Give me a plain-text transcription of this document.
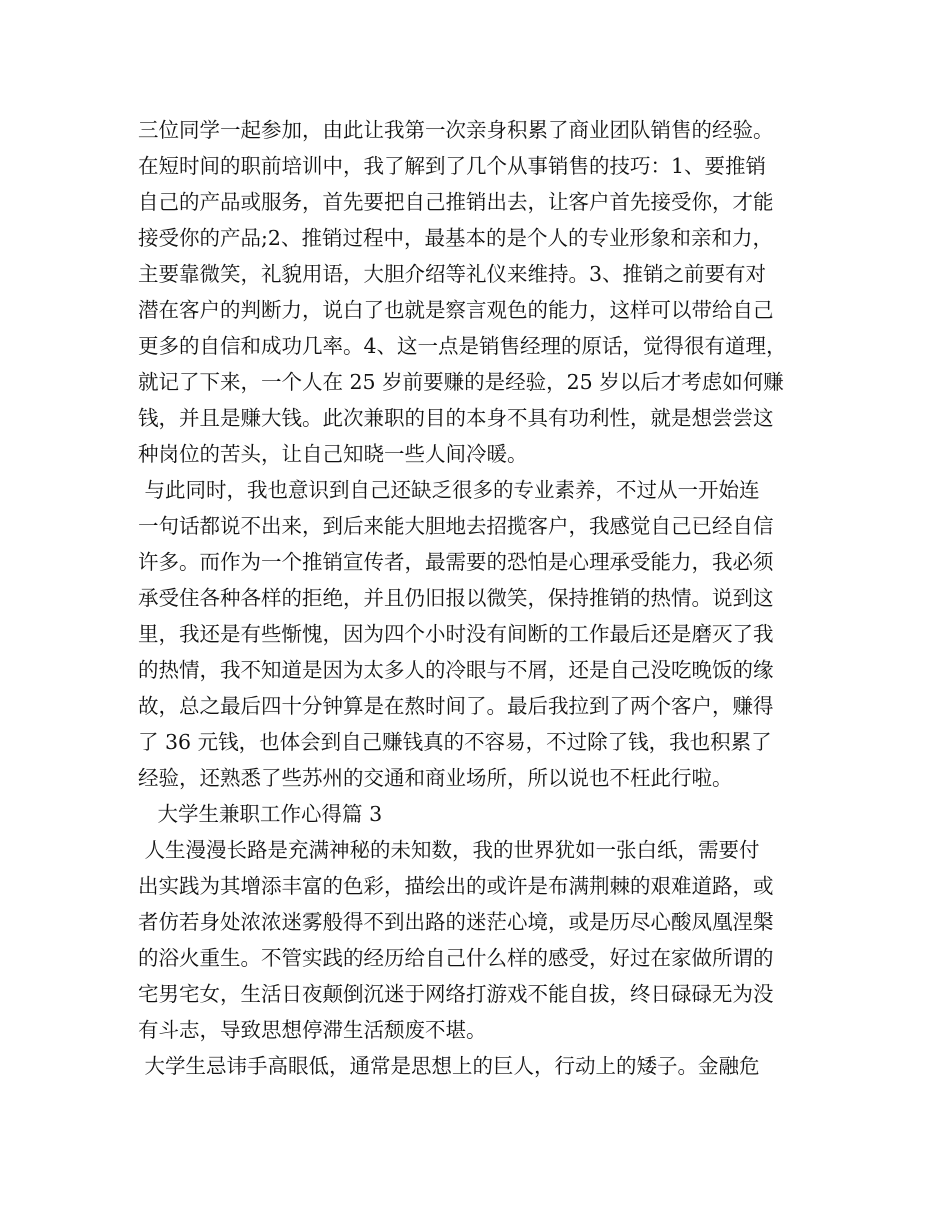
三位同学一起参加，由此让我第一次亲身积累了商业团队销售的经验。
在短时间的职前培训中，我了解到了几个从事销售的技巧：1、要推销
自己的产品或服务，首先要把自己推销出去，让客户首先接受你，才能
接受你的产品;2、推销过程中，最基本的是个人的专业形象和亲和力，
主要靠微笑，礼貌用语，大胆介绍等礼仪来维持。3、推销之前要有对
潜在客户的判断力，说白了也就是察言观色的能力，这样可以带给自己
更多的自信和成功几率。4、这一点是销售经理的原话，觉得很有道理，
就记了下来，一个人在 25 岁前要赚的是经验，25 岁以后才考虑如何赚
钱，并且是赚大钱。此次兼职的目的本身不具有功利性，就是想尝尝这
种岗位的苦头，让自己知晓一些人间冷暖。
与此同时，我也意识到自己还缺乏很多的专业素养，不过从一开始连
一句话都说不出来，到后来能大胆地去招揽客户，我感觉自己已经自信
许多。而作为一个推销宣传者，最需要的恐怕是心理承受能力，我必须
承受住各种各样的拒绝，并且仍旧报以微笑，保持推销的热情。说到这
里，我还是有些惭愧，因为四个小时没有间断的工作最后还是磨灭了我
的热情，我不知道是因为太多人的冷眼与不屑，还是自己没吃晚饭的缘
故，总之最后四十分钟算是在熬时间了。最后我拉到了两个客户，赚得
了 36 元钱，也体会到自己赚钱真的不容易，不过除了钱，我也积累了
经验，还熟悉了些苏州的交通和商业场所，所以说也不枉此行啦。
大学生兼职工作心得篇 3
人生漫漫长路是充满神秘的未知数，我的世界犹如一张白纸，需要付
出实践为其增添丰富的色彩，描绘出的或许是布满荆棘的艰难道路，或
者仿若身处浓浓迷雾般得不到出路的迷茫心境，或是历尽心酸凤凰涅槃
的浴火重生。不管实践的经历给自己什么样的感受，好过在家做所谓的
宅男宅女，生活日夜颠倒沉迷于网络打游戏不能自拔，终日碌碌无为没
有斗志，导致思想停滞生活颓废不堪。
大学生忌讳手高眼低，通常是思想上的巨人，行动上的矮子。金融危
